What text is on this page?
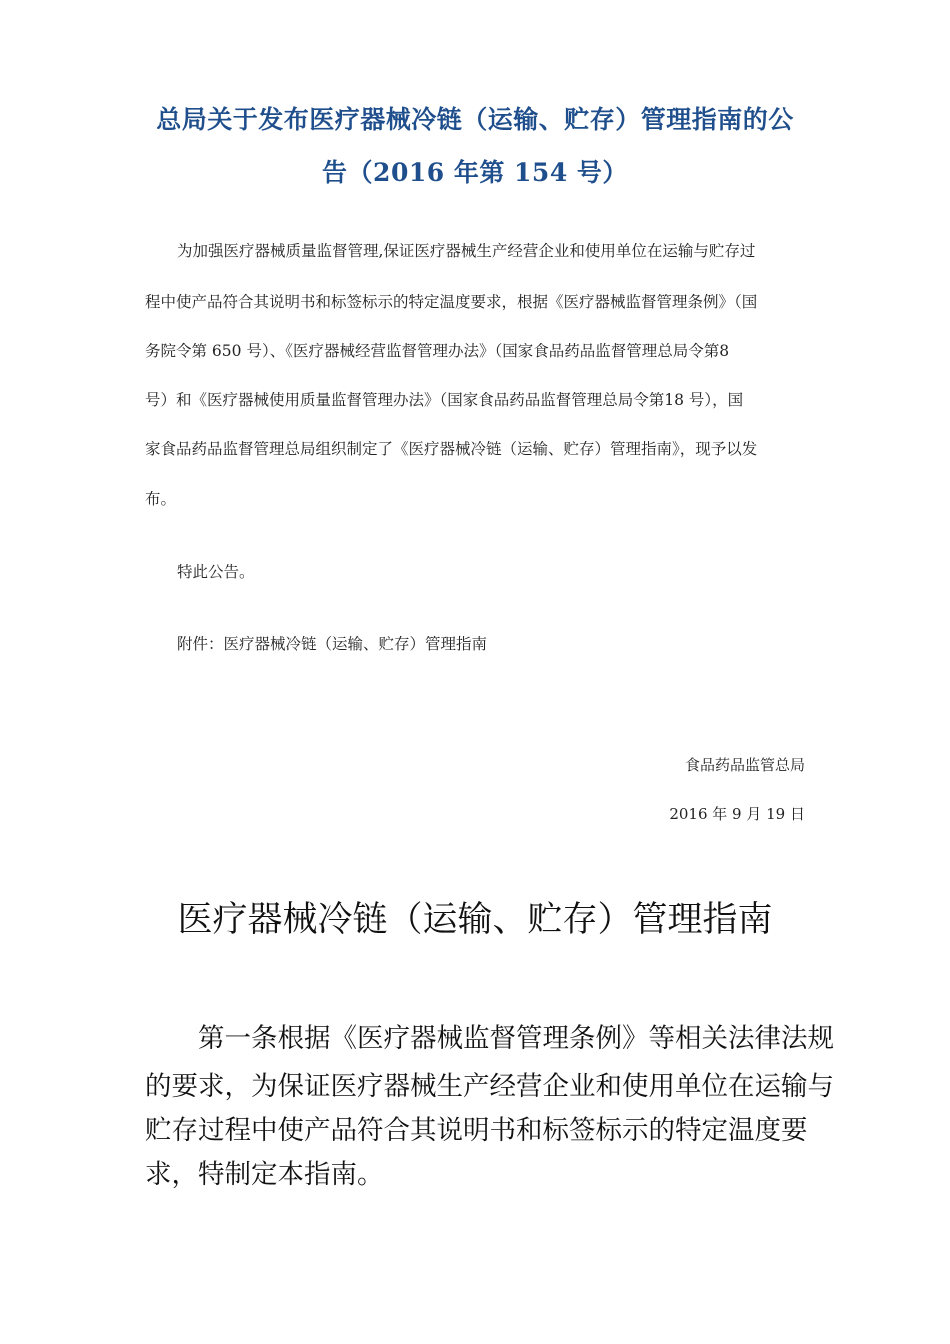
总局关于发布医疗器械冷链（运输、贮存）管理指南的公
告（2016 年第 154 号）
为加强医疗器械质量监督管理,保证医疗器械生产经营企业和使用单位在运输与贮存过
程中使产品符合其说明书和标签标示的特定温度要求，根据《医疗器械监督管理条例》（国
务院令第 650 号）、《医疗器械经营监督管理办法》（国家食品药品监督管理总局令第8
号）和《医疗器械使用质量监督管理办法》（国家食品药品监督管理总局令第18 号），国
家食品药品监督管理总局组织制定了《医疗器械冷链（运输、贮存）管理指南》，现予以发
布。
特此公告。
附件：医疗器械冷链（运输、贮存）管理指南
食品药品监管总局
2016 年 9 月 19 日
医疗器械冷链（运输、贮存）管理指南
第一条根据《医疗器械监督管理条例》等相关法律法规
的要求，为保证医疗器械生产经营企业和使用单位在运输与
贮存过程中使产品符合其说明书和标签标示的特定温度要
求，特制定本指南。
